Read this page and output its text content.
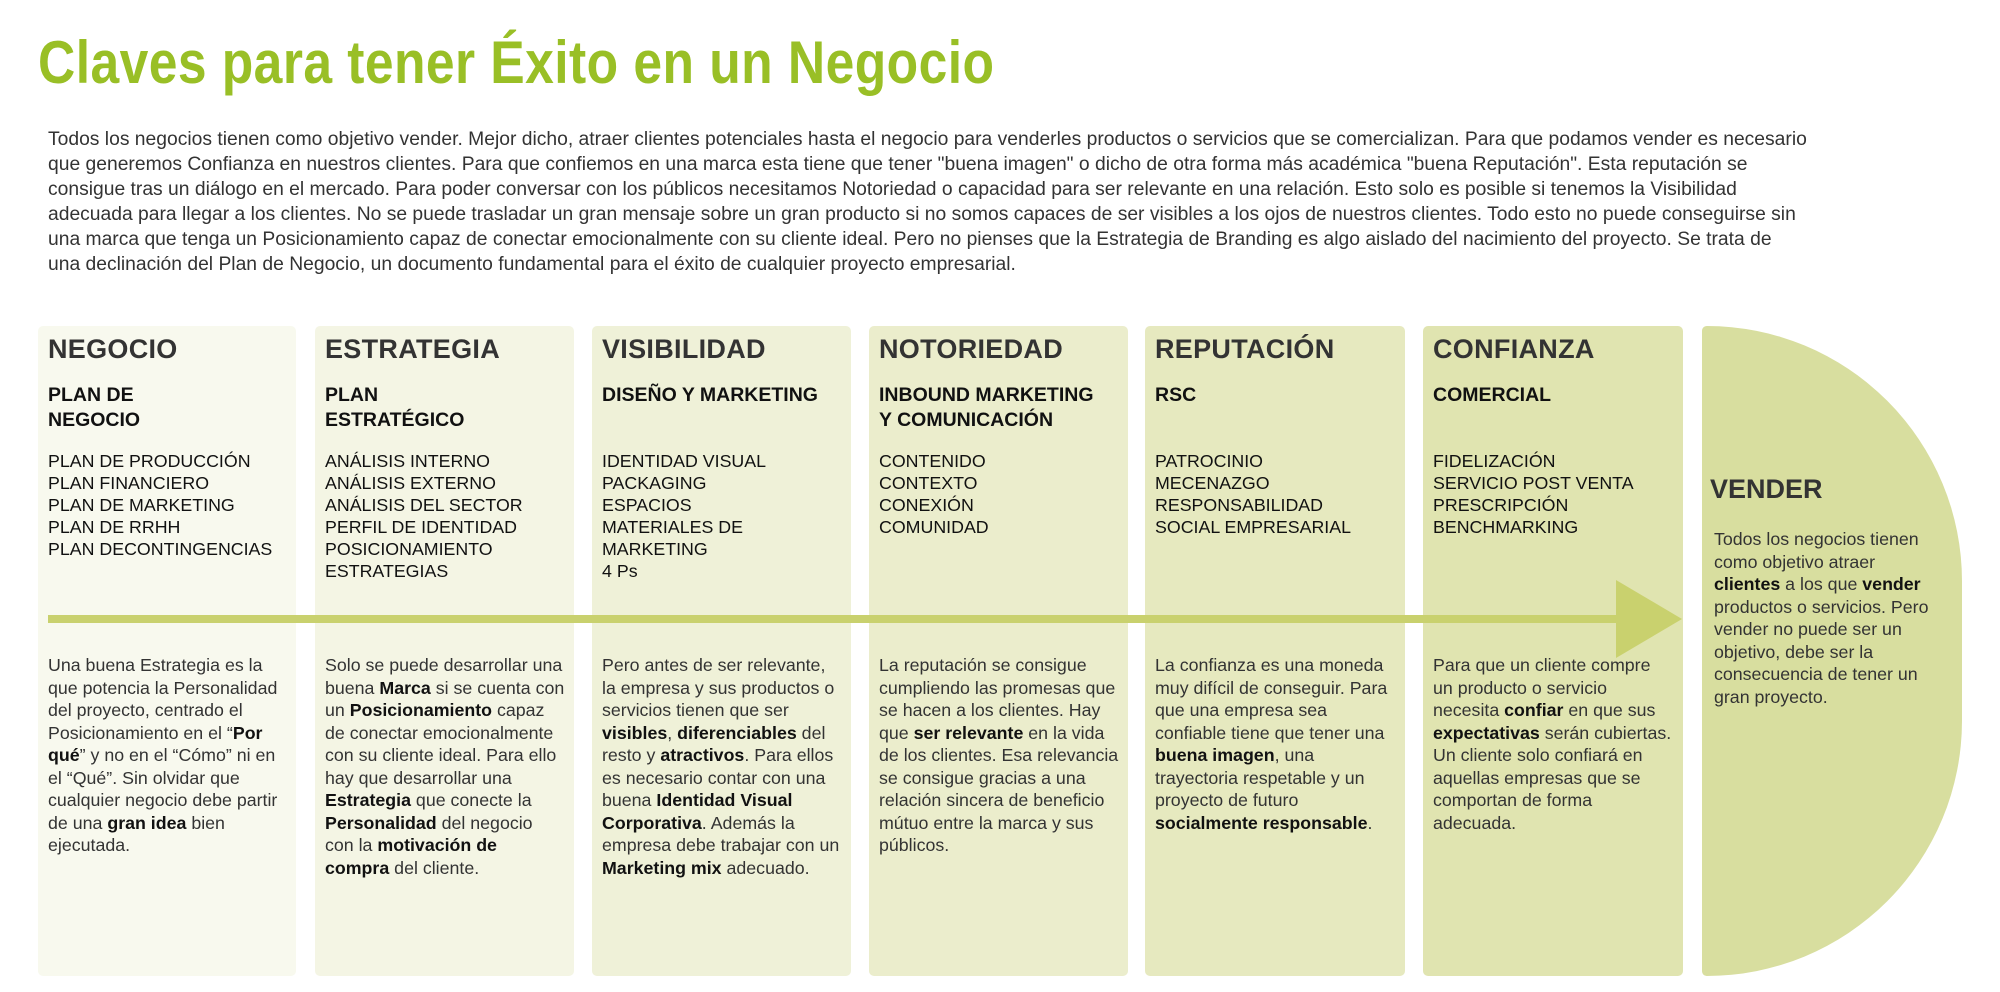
Claves para tener Éxito en un Negocio

Todos los negocios tienen como objetivo vender. Mejor dicho, atraer clientes potenciales hasta el negocio para venderles productos o servicios que se comercializan. Para que podamos vender es necesario que generemos Confianza en nuestros clientes. Para que confiemos en una marca esta tiene que tener "buena imagen" o dicho de otra forma más académica "buena Reputación". Esta reputación se consigue tras un diálogo en el mercado. Para poder conversar con los públicos necesitamos Notoriedad o capacidad para ser relevante en una relación. Esto solo es posible si tenemos la Visibilidad adecuada para llegar a los clientes. No se puede trasladar un gran mensaje sobre un gran producto si no somos capaces de ser visibles a los ojos de nuestros clientes. Todo esto no puede conseguirse sin una marca que tenga un Posicionamiento capaz de conectar emocionalmente con su cliente ideal. Pero no pienses que la Estrategia de Branding es algo aislado del nacimiento del proyecto. Se trata de una declinación del Plan de Negocio, un documento fundamental para el éxito de cualquier proyecto empresarial.

NEGOCIO
PLAN DE
NEGOCIO
PLAN DE PRODUCCIÓN
PLAN FINANCIERO
PLAN DE MARKETING
PLAN DE RRHH
PLAN DECONTINGENCIAS

Una buena Estrategia es la que potencia la Personalidad del proyecto, centrado el Posicionamiento en el “Por qué” y no en el “Cómo” ni en el “Qué”. Sin olvidar que cualquier negocio debe partir de una gran idea bien ejecutada.

ESTRATEGIA
PLAN
ESTRATÉGICO
ANÁLISIS INTERNO
ANÁLISIS EXTERNO
ANÁLISIS DEL SECTOR
PERFIL DE IDENTIDAD
POSICIONAMIENTO
ESTRATEGIAS

Solo se puede desarrollar una buena Marca si se cuenta con un Posicionamiento capaz de conectar emocionalmente con su cliente ideal. Para ello hay que desarrollar una Estrategia que conecte la Personalidad del negocio con la motivación de compra del cliente.

VISIBILIDAD
DISEÑO Y MARKETING
IDENTIDAD VISUAL
PACKAGING
ESPACIOS
MATERIALES DE
MARKETING
4 Ps

Pero antes de ser relevante, la empresa y sus productos o servicios tienen que ser visibles, diferenciables del resto y atractivos. Para ellos es necesario contar con una buena Identidad Visual Corporativa. Además la empresa debe trabajar con un Marketing mix adecuado.

NOTORIEDAD
INBOUND MARKETING
Y COMUNICACIÓN
CONTENIDO
CONTEXTO
CONEXIÓN
COMUNIDAD

La reputación se consigue cumpliendo las promesas que se hacen a los clientes. Hay que ser relevante en la vida de los clientes. Esa relevancia se consigue gracias a una relación sincera de beneficio mútuo entre la marca y sus públicos.

REPUTACIÓN
RSC
PATROCINIO
MECENAZGO
RESPONSABILIDAD
SOCIAL EMPRESARIAL

La confianza es una moneda muy difícil de conseguir. Para que una empresa sea confiable tiene que tener una buena imagen, una trayectoria respetable y un proyecto de futuro socialmente responsable.

CONFIANZA
COMERCIAL
FIDELIZACIÓN
SERVICIO POST VENTA
PRESCRIPCIÓN
BENCHMARKING

Para que un cliente compre un producto o servicio necesita confiar en que sus expectativas serán cubiertas. Un cliente solo confiará en aquellas empresas que se comportan de forma adecuada.

VENDER

Todos los negocios tienen como objetivo atraer clientes a los que vender productos o servicios. Pero vender no puede ser un objetivo, debe ser la consecuencia de tener un gran proyecto.
